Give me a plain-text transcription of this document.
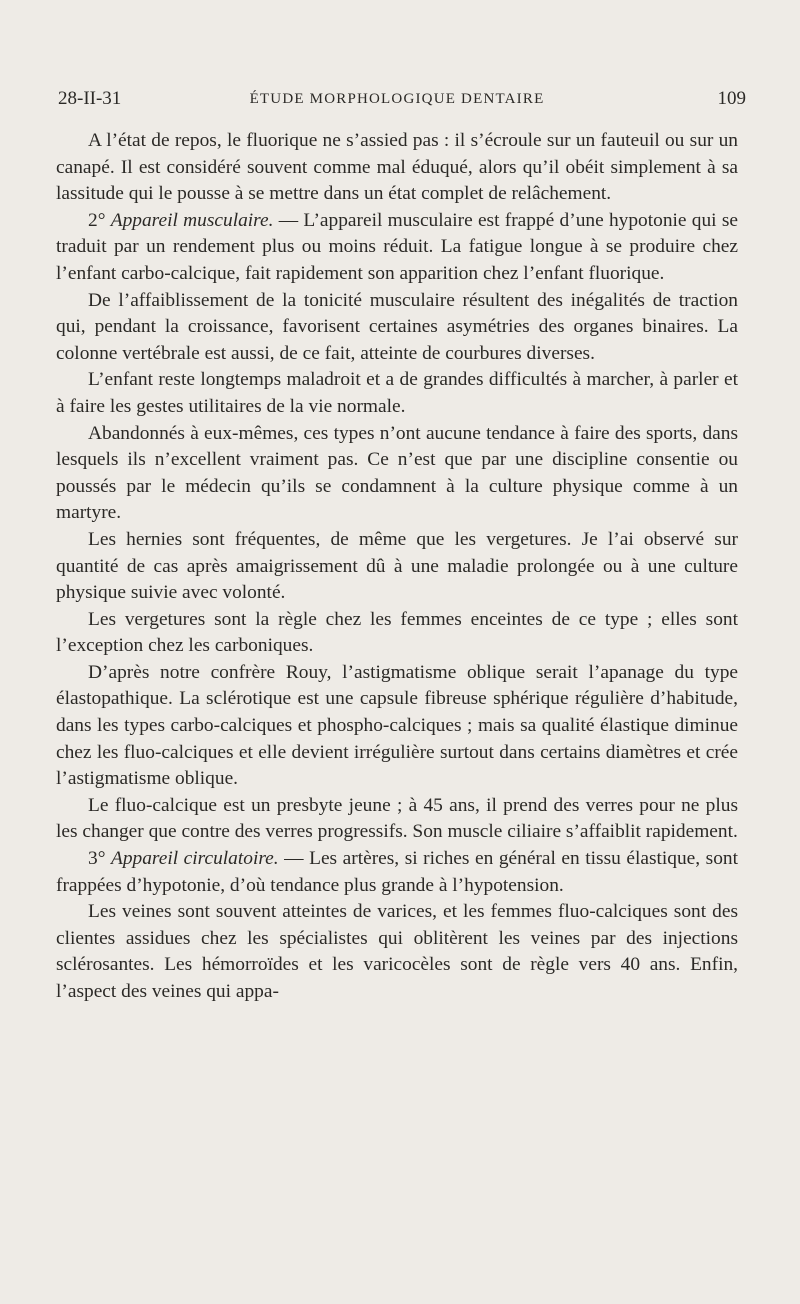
28-II-31	ÉTUDE MORPHOLOGIQUE DENTAIRE	109

A l’état de repos, le fluorique ne s’assied pas : il s’écroule sur un fauteuil ou sur un canapé. Il est considéré souvent comme mal éduqué, alors qu’il obéit simplement à sa lassitude qui le pousse à se mettre dans un état complet de relâchement.

2° Appareil musculaire. — L’appareil musculaire est frappé d’une hypotonie qui se traduit par un rendement plus ou moins réduit. La fatigue longue à se produire chez l’enfant carbo-calcique, fait rapidement son apparition chez l’enfant fluorique.

De l’affaiblissement de la tonicité musculaire résultent des inégalités de traction qui, pendant la croissance, favorisent certaines asymétries des organes binaires. La colonne vertébrale est aussi, de ce fait, atteinte de courbures diverses.

L’enfant reste longtemps maladroit et a de grandes difficultés à marcher, à parler et à faire les gestes utilitaires de la vie normale.

Abandonnés à eux-mêmes, ces types n’ont aucune tendance à faire des sports, dans lesquels ils n’excellent vraiment pas. Ce n’est que par une discipline consentie ou poussés par le médecin qu’ils se condamnent à la culture physique comme à un martyre.

Les hernies sont fréquentes, de même que les vergetures. Je l’ai observé sur quantité de cas après amaigrissement dû à une maladie prolongée ou à une culture physique suivie avec volonté.

Les vergetures sont la règle chez les femmes enceintes de ce type ; elles sont l’exception chez les carboniques.

D’après notre confrère Rouy, l’astigmatisme oblique serait l’apanage du type élastopathique. La sclérotique est une capsule fibreuse sphérique régulière d’habitude, dans les types carbo-calciques et phospho-calciques ; mais sa qualité élastique diminue chez les fluo-calciques et elle devient irrégulière surtout dans certains diamètres et crée l’astigmatisme oblique.

Le fluo-calcique est un presbyte jeune ; à 45 ans, il prend des verres pour ne plus les changer que contre des verres progressifs. Son muscle ciliaire s’affaiblit rapidement.

3° Appareil circulatoire. — Les artères, si riches en général en tissu élastique, sont frappées d’hypotonie, d’où tendance plus grande à l’hypotension.

Les veines sont souvent atteintes de varices, et les femmes fluo-calciques sont des clientes assidues chez les spécialistes qui oblitèrent les veines par des injections sclérosantes. Les hémorroïdes et les varicocèles sont de règle vers 40 ans. Enfin, l’aspect des veines qui appa-
